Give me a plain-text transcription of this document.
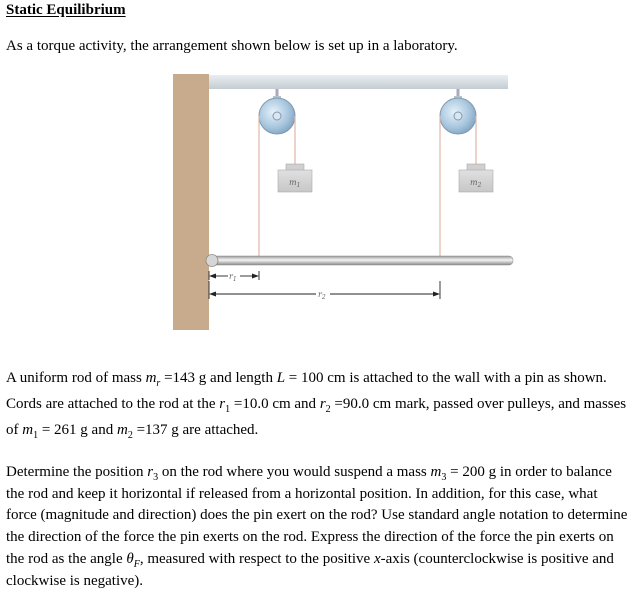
Static Equilibrium
As a torque activity, the arrangement shown below is set up in a laboratory.
$m_1$	$m_2$
$r_1$
$r_2$
A uniform rod of mass $m_r =143$ g and length L = 100 cm is attached to the wall with a pin as shown. Cords are attached to the rod at the $r_1 =10.0$ cm and $r_2 =90.0$ cm mark, passed over pulleys, and masses of $m_1 = 261$ g and $m_2 =137$ g are attached.
Determine the position $r_3$ on the rod where you would suspend a mass $m_3 = 200$ g in order to balance the rod and keep it horizontal if released from a horizontal position. In addition, for this case, what force (magnitude and direction) does the pin exert on the rod? Use standard angle notation to determine the direction of the force the pin exerts on the rod. Express the direction of the force the pin exerts on the rod as the angle $\theta_F$, measured with respect to the positive x-axis (counterclockwise is positive and clockwise is negative).
